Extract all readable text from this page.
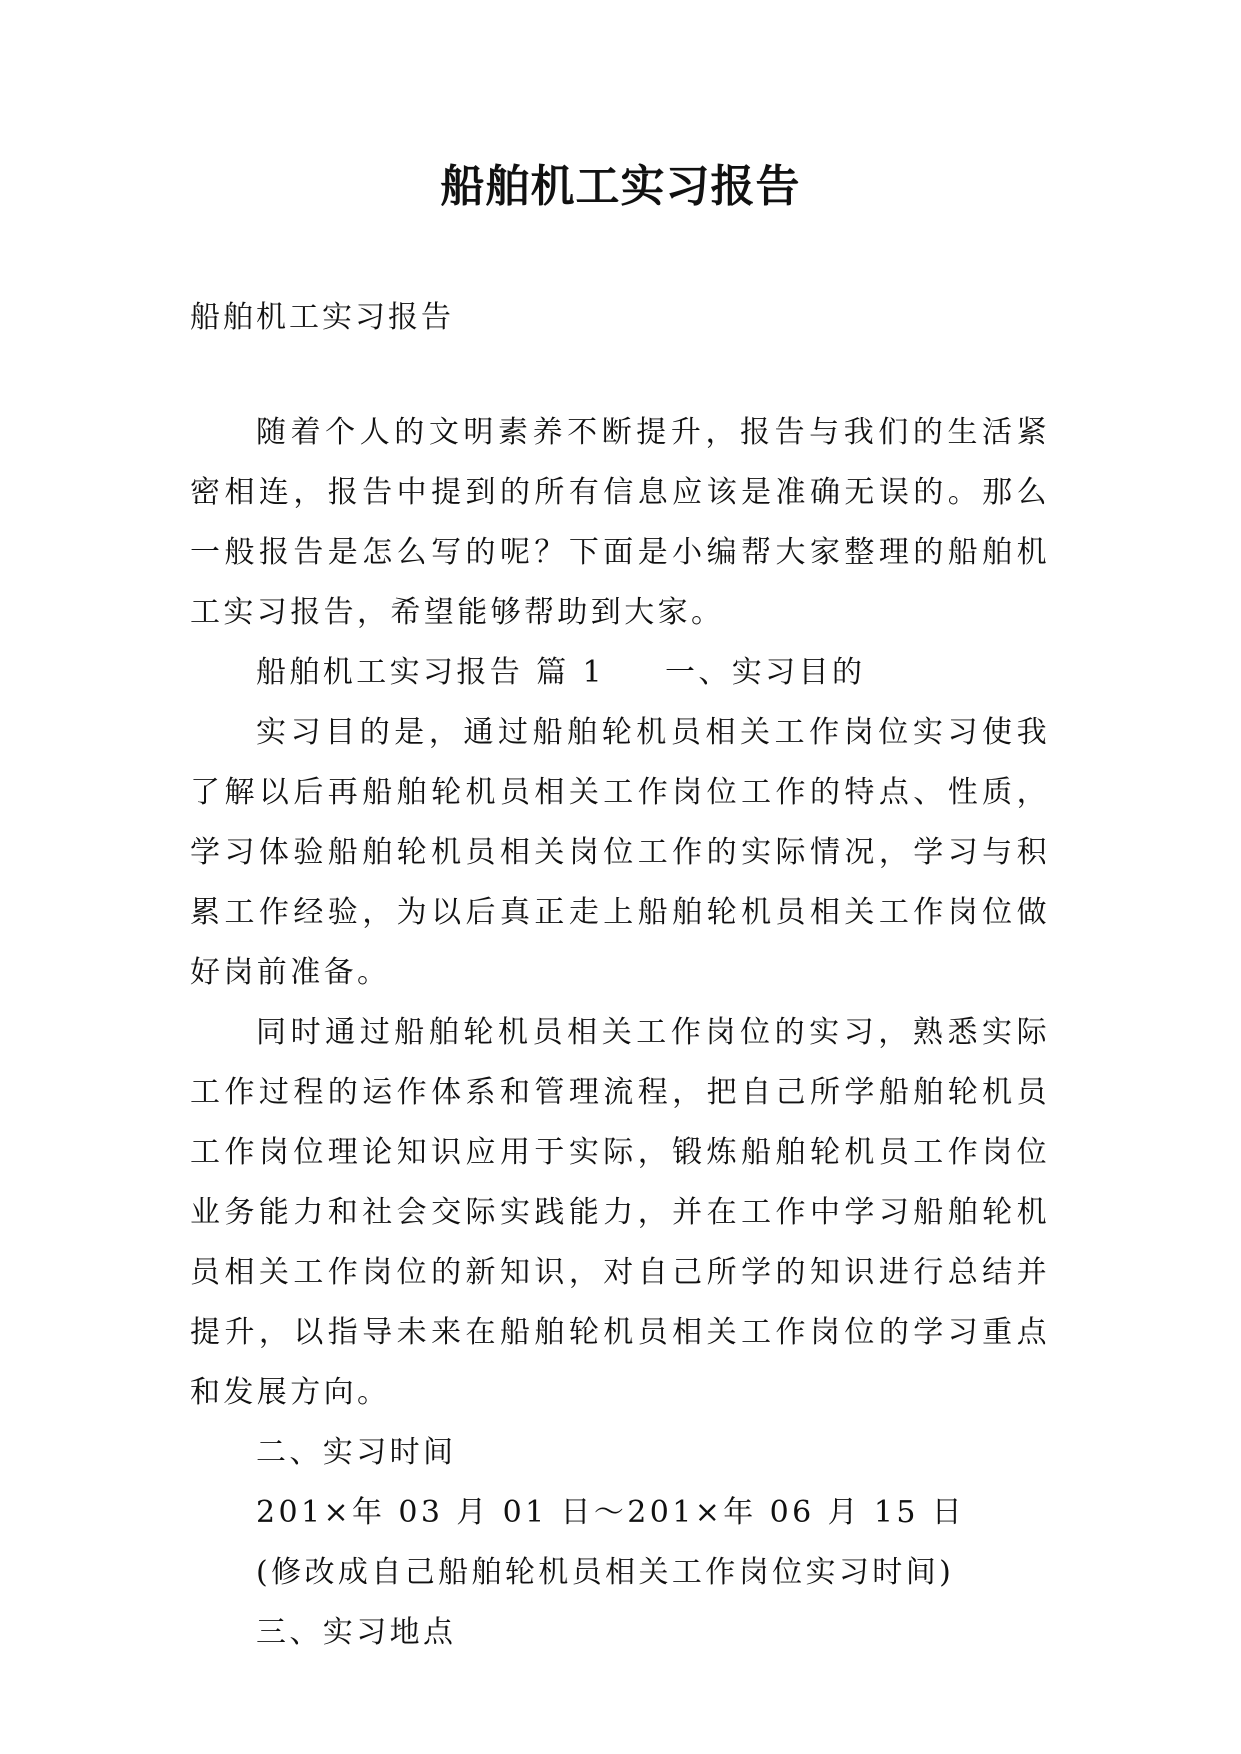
船舶机工实习报告

船舶机工实习报告

随着个人的文明素养不断提升，报告与我们的生活紧密相连，报告中提到的所有信息应该是准确无误的。那么一般报告是怎么写的呢？下面是小编帮大家整理的船舶机工实习报告，希望能够帮助到大家。

船舶机工实习报告 篇 1 一、实习目的

实习目的是，通过船舶轮机员相关工作岗位实习使我了解以后再船舶轮机员相关工作岗位工作的特点、性质，学习体验船舶轮机员相关岗位工作的实际情况，学习与积累工作经验，为以后真正走上船舶轮机员相关工作岗位做好岗前准备。

同时通过船舶轮机员相关工作岗位的实习，熟悉实际工作过程的运作体系和管理流程，把自己所学船舶轮机员工作岗位理论知识应用于实际，锻炼船舶轮机员工作岗位业务能力和社会交际实践能力，并在工作中学习船舶轮机员相关工作岗位的新知识，对自己所学的知识进行总结并提升，以指导未来在船舶轮机员相关工作岗位的学习重点和发展方向。

二、实习时间

201×年 03 月 01 日～201×年 06 月 15 日

(修改成自己船舶轮机员相关工作岗位实习时间)

三、实习地点
